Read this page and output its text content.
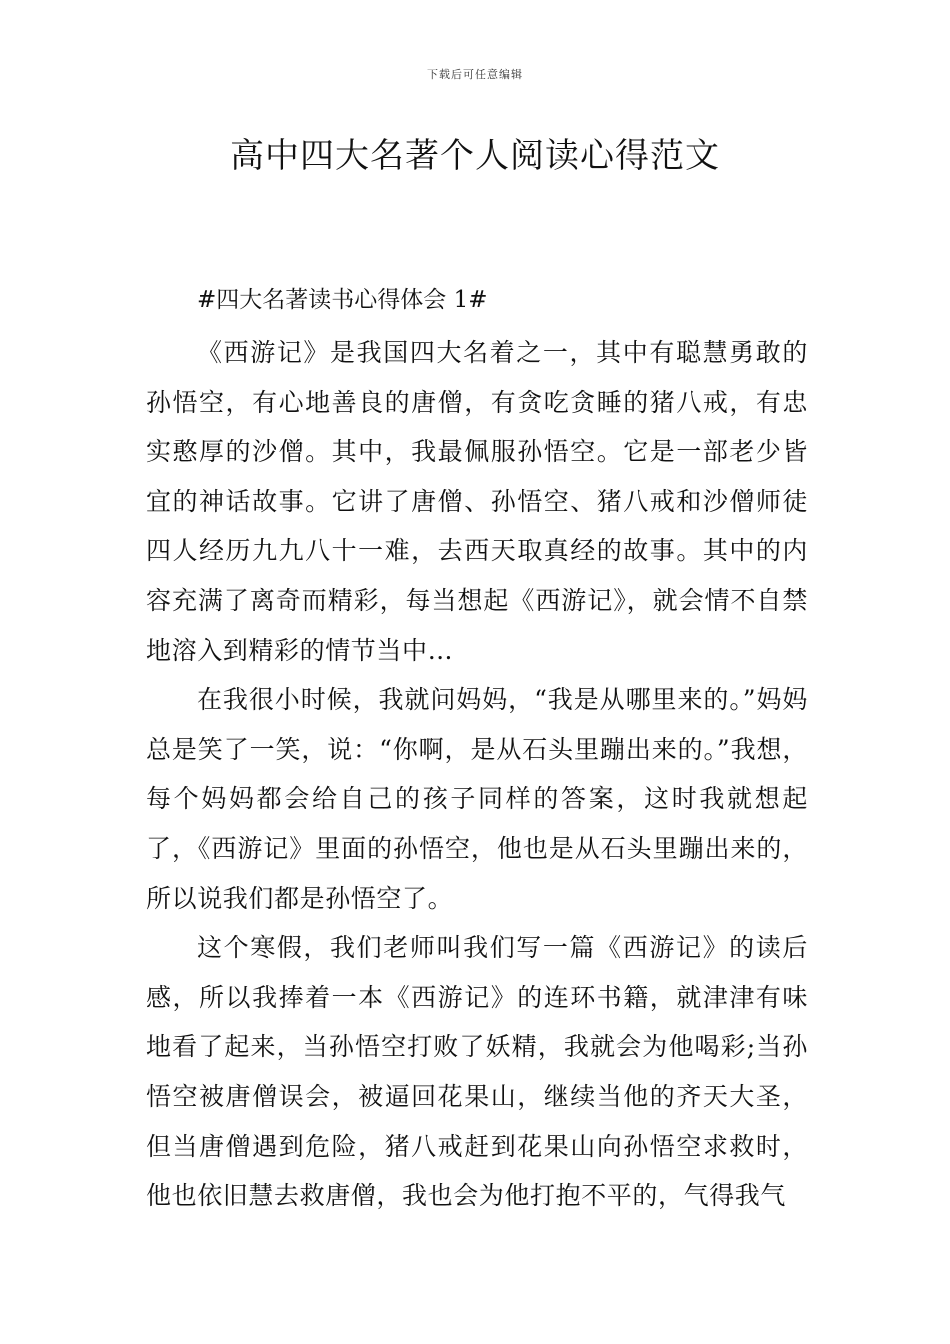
下载后可任意编辑
高中四大名著个人阅读心得范文
#四大名著读书心得体会 1#

《西游记》是我国四大名着之一，其中有聪慧勇敢的孙悟空，有心地善良的唐僧，有贪吃贪睡的猪八戒，有忠实憨厚的沙僧。其中，我最佩服孙悟空。它是一部老少皆宜的神话故事。它讲了唐僧、孙悟空、猪八戒和沙僧师徒四人经历九九八十一难，去西天取真经的故事。其中的内容充满了离奇而精彩，每当想起《西游记》，就会情不自禁地溶入到精彩的情节当中…

在我很小时候，我就问妈妈，“我是从哪里来的。”妈妈总是笑了一笑，说：“你啊，是从石头里蹦出来的。”我想，每个妈妈都会给自己的孩子同样的答案，这时我就想起了，《西游记》里面的孙悟空，他也是从石头里蹦出来的，所以说我们都是孙悟空了。

这个寒假，我们老师叫我们写一篇《西游记》的读后感，所以我捧着一本《西游记》的连环书籍，就津津有味地看了起来，当孙悟空打败了妖精，我就会为他喝彩;当孙悟空被唐僧误会，被逼回花果山，继续当他的齐天大圣，但当唐僧遇到危险，猪八戒赶到花果山向孙悟空求救时，他也依旧慧去救唐僧，我也会为他打抱不平的，气得我气
